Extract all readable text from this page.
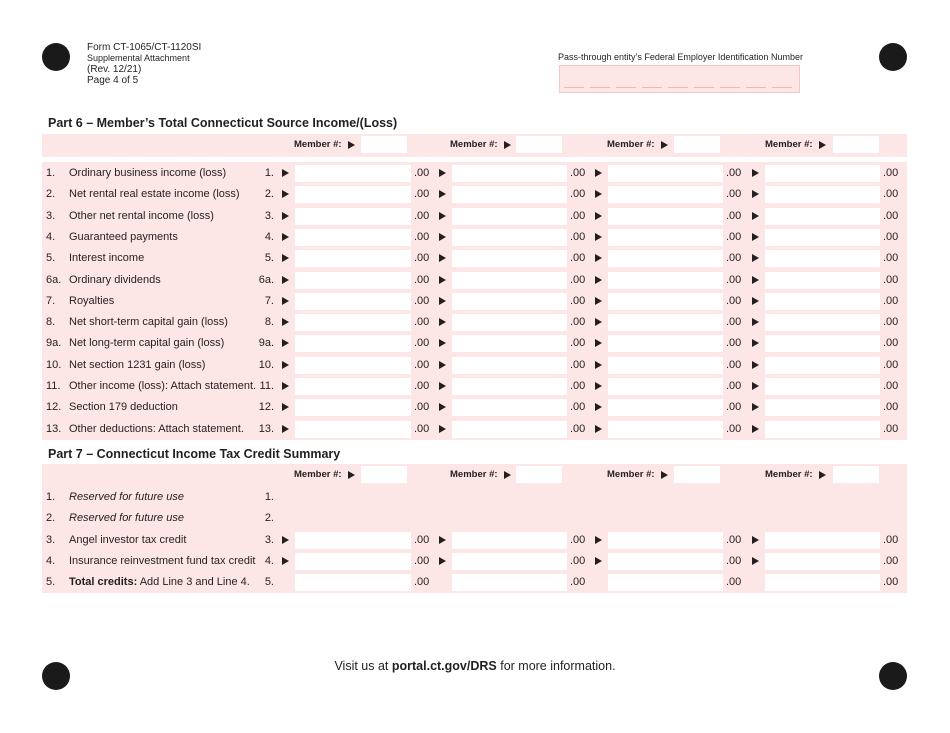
Form CT-1065/CT-1120SI
Supplemental Attachment
(Rev. 12/21)
Page 4 of 5
Pass-through entity’s Federal Employer Identification Number
Part 6 – Member’s Total Connecticut Source Income/(Loss)
Member #:	Member #:	Member #:	Member #:
1. Ordinary business income (loss)	1.	.00	.00	.00	.00
2. Net rental real estate income (loss)	2.	.00	.00	.00	.00
3. Other net rental income (loss)	3.	.00	.00	.00	.00
4. Guaranteed payments	4.	.00	.00	.00	.00
5. Interest income	5.	.00	.00	.00	.00
6a. Ordinary dividends	6a.	.00	.00	.00	.00
7. Royalties	7.	.00	.00	.00	.00
8. Net short-term capital gain (loss)	8.	.00	.00	.00	.00
9a. Net long-term capital gain (loss)	9a.	.00	.00	.00	.00
10. Net section 1231 gain (loss)	10.	.00	.00	.00	.00
11. Other income (loss): Attach statement. 11.	.00	.00	.00	.00
12. Section 179 deduction	12.	.00	.00	.00	.00
13. Other deductions: Attach statement.	13.	.00	.00	.00	.00
Part 7 – Connecticut Income Tax Credit Summary
Member #:	Member #:	Member #:	Member #:
1. Reserved for future use	1.
2. Reserved for future use	2.
3. Angel investor tax credit	3.	.00	.00	.00	.00
4. Insurance reinvestment fund tax credit 4.	.00	.00	.00	.00
5. Total credits: Add Line 3 and Line 4.	5.	.00	.00	.00	.00
Visit us at portal.ct.gov/DRS for more information.
